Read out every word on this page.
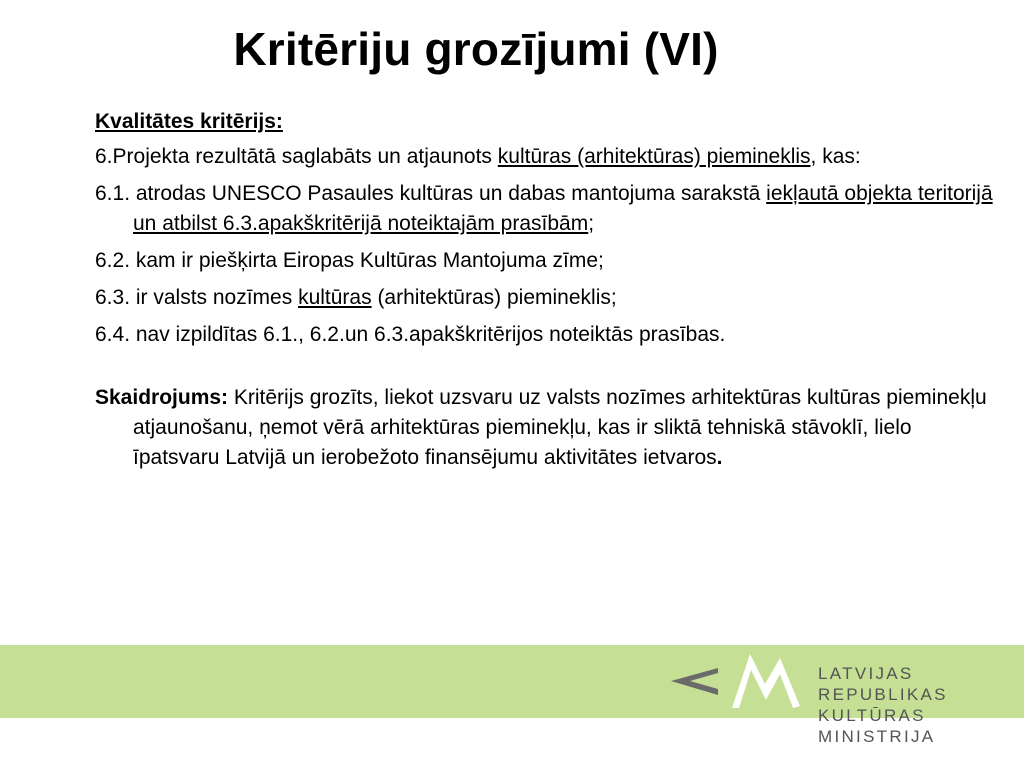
Kritēriju grozījumi (VI)

Kvalitātes kritērijs:

6.Projekta rezultātā saglabāts un atjaunots kultūras (arhitektūras) piemineklis, kas:

6.1. atrodas UNESCO Pasaules kultūras un dabas mantojuma sarakstā iekļautā objekta teritorijā un atbilst 6.3.apakškritērijā noteiktajām prasībām;

6.2. kam ir piešķirta Eiropas Kultūras Mantojuma zīme;

6.3. ir valsts nozīmes kultūras (arhitektūras) piemineklis;

6.4. nav izpildītas 6.1., 6.2.un 6.3.apakškritērijos noteiktās prasības.

Skaidrojums: Kritērijs grozīts, liekot uzsvaru uz valsts nozīmes arhitektūras kultūras pieminekļu atjaunošanu, ņemot vērā arhitektūras pieminekļu, kas ir sliktā tehniskā stāvoklī, lielo īpatsvaru Latvijā un ierobežoto finansējumu aktivitātes ietvaros.

LATVIJAS REPUBLIKAS
KULTŪRAS MINISTRIJA
